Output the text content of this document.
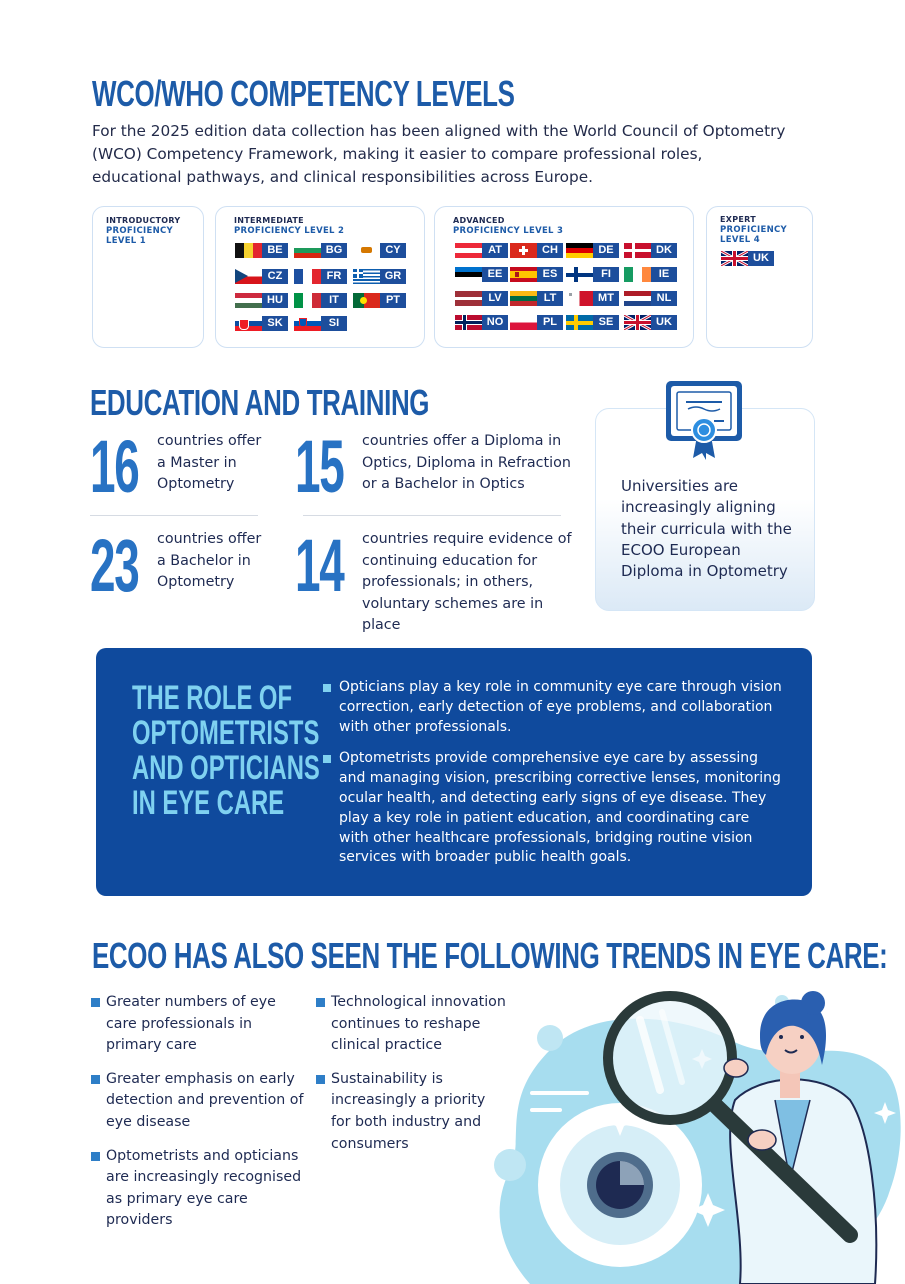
WCO/WHO COMPETENCY LEVELS

For the 2025 edition data collection has been aligned with the World Council of Optometry (WCO) Competency Framework, making it easier to compare professional roles, educational pathways, and clinical responsibilities across Europe.

INTRODUCTORY
PROFICIENCY LEVEL 1
INTERMEDIATE
PROFICIENCY LEVEL 2
ADVANCED
PROFICIENCY LEVEL 3
EXPERT
PROFICIENCY LEVEL 4
BE	BG	CY
CZ	FR	GR
HU	IT	PT
SK	SI
AT	CH	DE	DK
EE	ES	FI	IE
LV	LT	MT	NL
NO	PL	SE	UK
UK
EDUCATION AND TRAINING
16 countries offer a Master in Optometry 15 countries offer a Diploma in Optics, Diploma in Refraction or a Bachelor in Optics
23 countries offer a Bachelor in Optometry 14 countries require evidence of continuing education for professionals; in others, voluntary schemes are in place
Universities are increasingly aligning their curricula with the ECOO European Diploma in Optometry
THE ROLE OF
OPTOMETRISTS
AND OPTICIANS
IN EYE CARE
Opticians play a key role in community eye care through vision correction, early detection of eye problems, and collaboration with other professionals.
Optometrists provide comprehensive eye care by assessing and managing vision, prescribing corrective lenses, monitoring ocular health, and detecting early signs of eye disease. They play a key role in patient education, and coordinating care with other healthcare professionals, bridging routine vision services with broader public health goals.
ECOO HAS ALSO SEEN THE FOLLOWING TRENDS IN EYE CARE:
Greater numbers of eye care professionals in primary care
Greater emphasis on early detection and prevention of eye disease
Optometrists and opticians are increasingly recognised as primary eye care providers
Technological innovation continues to reshape clinical practice
Sustainability is increasingly a priority for both industry and consumers
